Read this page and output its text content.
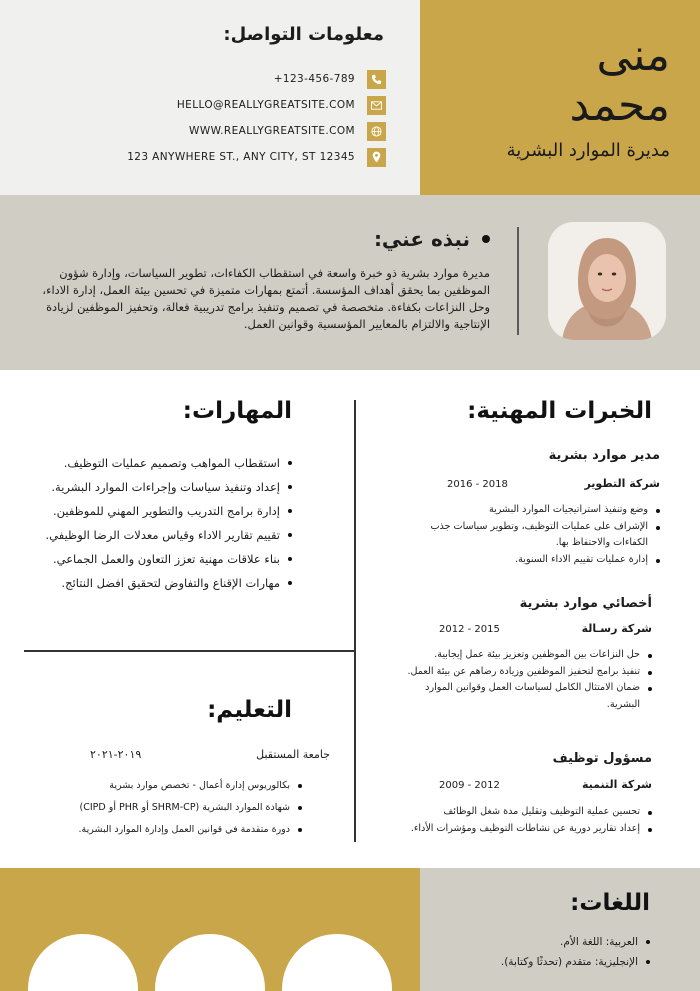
معلومات التواصل:
+123-456-789
HELLO@REALLYGREATSITE.COM
WWW.REALLYGREATSITE.COM
123 ANYWHERE ST., ANY CITY, ST 12345
منى
محمد
مديرة الموارد البشرية
نبذه عني:
مديرة موارد بشرية ذو خبرة واسعة في استقطاب الكفاءات، تطوير السياسات، وإدارة شؤون الموظفين بما يحقق أهداف المؤسسة. أتمتع بمهارات متميزة في تحسين بيئة العمل، إدارة الاداء، وحل النزاعات بكفاءة. متخصصة في تصميم وتنفيذ برامج تدريبية فعالة، وتحفيز الموظفين لزيادة الإنتاجية والالتزام بالمعايير المؤسسية وقوانين العمل.
المهارات:
استقطاب المواهب وتصميم عمليات التوظيف.
إعداد وتنفيذ سياسات وإجراءات الموارد البشرية.
إدارة برامج التدريب والتطوير المهني للموظفين.
تقييم تقارير الاداء وقياس معدلات الرضا الوظيفي.
بناء علاقات مهنية تعزز التعاون والعمل الجماعي.
مهارات الإقناع والتفاوض لتحقيق افضل النتائج.
التعليم:
جامعة المستقبل
٢٠١٩-٢٠٢١
بكالوريوس إدارة أعمال - تخصص موارد بشرية
شهادة الموارد البشرية (SHRM-CP أو PHR أو CIPD)
دورة متقدمة في قوانين العمل وإدارة الموارد البشرية.
الخبرات المهنية:
مدير موارد بشرية
شركة التطوير
2016 - 2018
وضع وتنفيذ استراتيجيات الموارد البشرية
الإشراف على عمليات التوظيف، وتطوير سياسات جذب الكفاءات والاحتفاظ بها.
إدارة عمليات تقييم الاداء السنوية.
أخصائي موارد بشرية
شركة رسـالة
2012 - 2015
حل النزاعات بين الموظفين وتعزيز بيئة عمل إيجابية.
تنفيذ برامج لتحفيز الموظفين وزيادة رضاهم عن بيئة العمل.
ضمان الامتثال الكامل لسياسات العمل وقوانين الموارد البشرية.
مسؤول توظيف
شركة التنمية
2009 - 2012
تحسين عملية التوظيف وتقليل مدة شغل الوظائف
إعداد تقارير دورية عن نشاطات التوظيف ومؤشرات الأداء.
اللغات:
العربية: اللغة الأم.
الإنجليزية: متقدم (تحدثًا وكتابة).
